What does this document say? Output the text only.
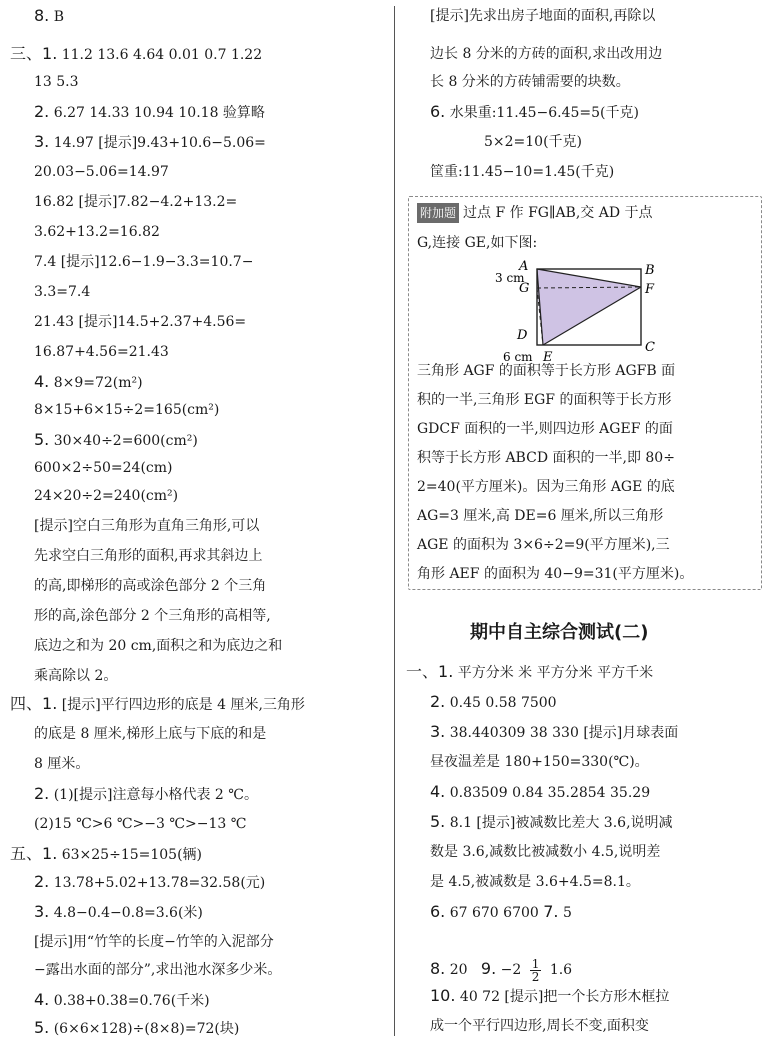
8. B
三、1. 11.2 13.6 4.64 0.01 0.7 1.22
13 5.3
2. 6.27 14.33 10.94 10.18 验算略
3. 14.97 [提示]9.43+10.6−5.06=
20.03−5.06=14.97
16.82 [提示]7.82−4.2+13.2=
3.62+13.2=16.82
7.4 [提示]12.6−1.9−3.3=10.7−
3.3=7.4
21.43 [提示]14.5+2.37+4.56=
16.87+4.56=21.43
4. 8×9=72(m²)
8×15+6×15÷2=165(cm²)
5. 30×40÷2=600(cm²)
600×2÷50=24(cm)
24×20÷2=240(cm²)
[提示]空白三角形为直角三角形,可以
先求空白三角形的面积,再求其斜边上
的高,即梯形的高或涂色部分 2 个三角
形的高,涂色部分 2 个三角形的高相等,
底边之和为 20 cm,面积之和为底边之和
乘高除以 2。
四、1. [提示]平行四边形的底是 4 厘米,三角形
的底是 8 厘米,梯形上底与下底的和是
8 厘米。
2. (1)[提示]注意每小格代表 2 ℃。
(2)15 ℃>6 ℃>−3 ℃>−13 ℃
五、1. 63×25÷15=105(辆)
2. 13.78+5.02+13.78=32.58(元)
3. 4.8−0.4−0.8=3.6(米)
[提示]用“竹竿的长度−竹竿的入泥部分
−露出水面的部分”,求出池水深多少米。
4. 0.38+0.38=0.76(千米)
5. (6×6×128)÷(8×8)=72(块)
[提示]先求出房子地面的面积,再除以
边长 8 分米的方砖的面积,求出改用边
长 8 分米的方砖铺需要的块数。
6. 水果重:11.45−6.45=5(千克)
5×2=10(千克)
筐重:11.45−10=1.45(千克)
附加题 过点 F 作 FG∥AB,交 AD 于点
G,连接 GE,如下图:
A	B
C
D
E
F
G
3 cm
6 cm
三角形 AGF 的面积等于长方形 AGFB 面
积的一半,三角形 EGF 的面积等于长方形
GDCF 面积的一半,则四边形 AGEF 的面
积等于长方形 ABCD 面积的一半,即 80÷
2=40(平方厘米)。因为三角形 AGE 的底
AG=3 厘米,高 DE=6 厘米,所以三角形
AGE 的面积为 3×6÷2=9(平方厘米),三
角形 AEF 的面积为 40−9=31(平方厘米)。
期中自主综合测试(二)
一、1. 平方分米 米 平方分米 平方千米
2. 0.45 0.58 7500
3. 38.440309 38 330 [提示]月球表面
昼夜温差是 180+150=330(℃)。
4. 0.83509 0.84 35.2854 35.29
5. 8.1 [提示]被减数比差大 3.6,说明减
数是 3.6,减数比被减数小 4.5,说明差
是 4.5,被减数是 3.6+4.5=8.1。
6. 67 670 6700 7. 5
成一个平行四边形,周长不变,面积变
8. 20 9. $-2 \frac{1}{2} 1.6$
10. 40 72 [提示]把一个长方形木框拉
